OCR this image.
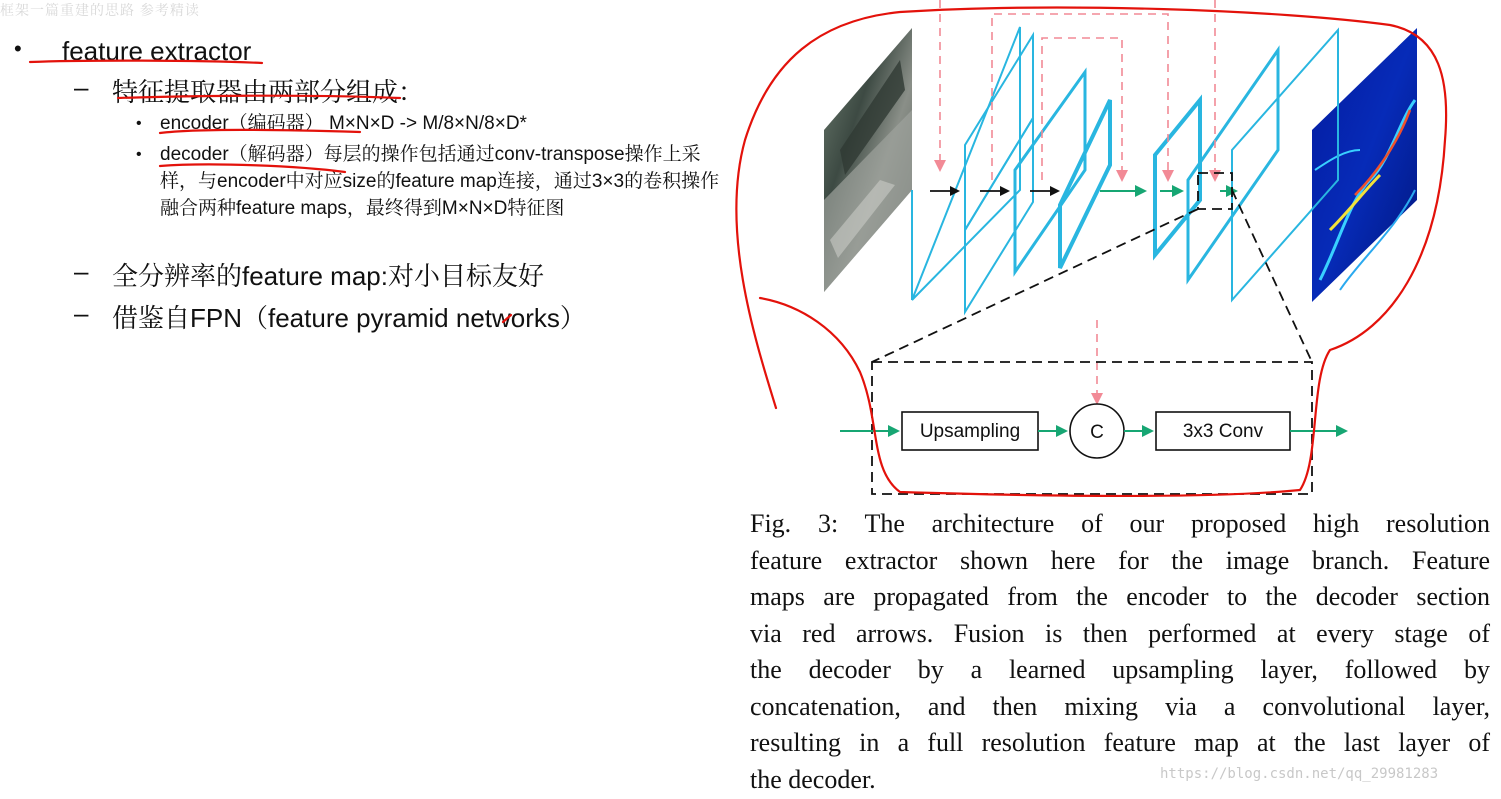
框架一篇重建的思路 参考精读
• feature extractor
– 特征提取器由两部分组成：
• encoder（编码器） M×N×D -> M/8×N/8×D*
• decoder（解码器）每层的操作包括通过conv-transpose操作上采样，与encoder中对应size的feature map连接，通过3×3的卷积操作融合两种feature maps，最终得到M×N×D特征图
– 全分辨率的feature map:对小目标友好
– 借鉴自FPN（feature pyramid networks）
Upsampling	C	3x3 Conv
Fig. 3: The architecture of our proposed high resolution
feature extractor shown here for the image branch. Feature
maps are propagated from the encoder to the decoder section
via red arrows. Fusion is then performed at every stage of
the decoder by a learned upsampling layer, followed by
concatenation, and then mixing via a convolutional layer,
resulting in a full resolution feature map at the last layer of
the decoder.	https://blog.csdn.net/qq_29981283
